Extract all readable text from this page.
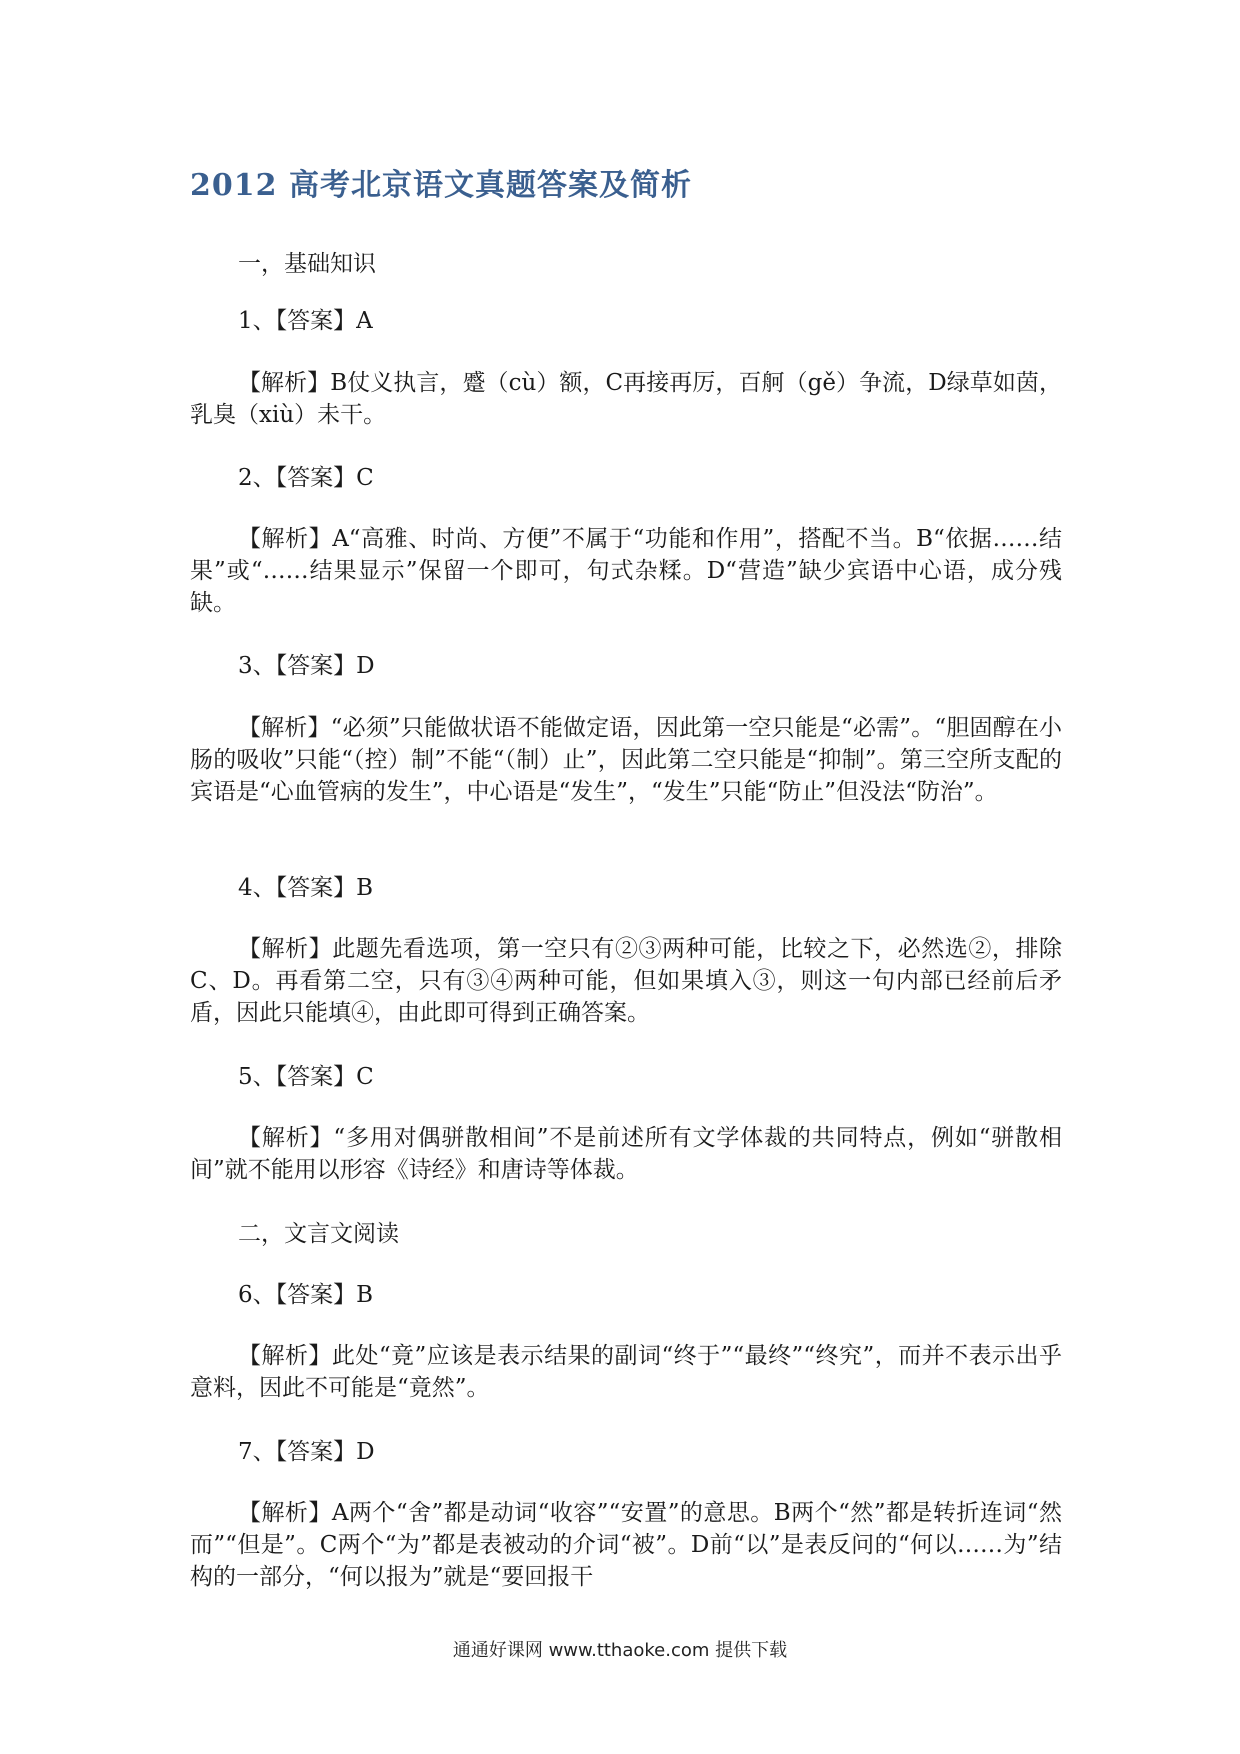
2012 高考北京语文真题答案及简析

一，基础知识

1、【答案】A

【解析】B仗义执言，蹙（cù）额，C再接再厉，百舸（gě）争流，D绿草如茵，乳臭（xiù）未干。

2、【答案】C

【解析】A“高雅、时尚、方便”不属于“功能和作用”，搭配不当。B“依据……结果”或“……结果显示”保留一个即可，句式杂糅。D“营造”缺少宾语中心语，成分残缺。

3、【答案】D

【解析】“必须”只能做状语不能做定语，因此第一空只能是“必需”。“胆固醇在小肠的吸收”只能“（控）制”不能“（制）止”，因此第二空只能是“抑制”。第三空所支配的宾语是“心血管病的发生”，中心语是“发生”，“发生”只能“防止”但没法“防治”。

4、【答案】B

【解析】此题先看选项，第一空只有②③两种可能，比较之下，必然选②，排除C、D。再看第二空，只有③④两种可能，但如果填入③，则这一句内部已经前后矛盾，因此只能填④，由此即可得到正确答案。

5、【答案】C

【解析】“多用对偶骈散相间”不是前述所有文学体裁的共同特点，例如“骈散相间”就不能用以形容《诗经》和唐诗等体裁。

二，文言文阅读

6、【答案】B

【解析】此处“竟”应该是表示结果的副词“终于”“最终”“终究”，而并不表示出乎意料，因此不可能是“竟然”。

7、【答案】D

【解析】A两个“舍”都是动词“收容”“安置”的意思。B两个“然”都是转折连词“然而”“但是”。C两个“为”都是表被动的介词“被”。D前“以”是表反问的“何以……为”结构的一部分，“何以报为”就是“要回报干

通通好课网 www.tthaoke.com 提供下载
